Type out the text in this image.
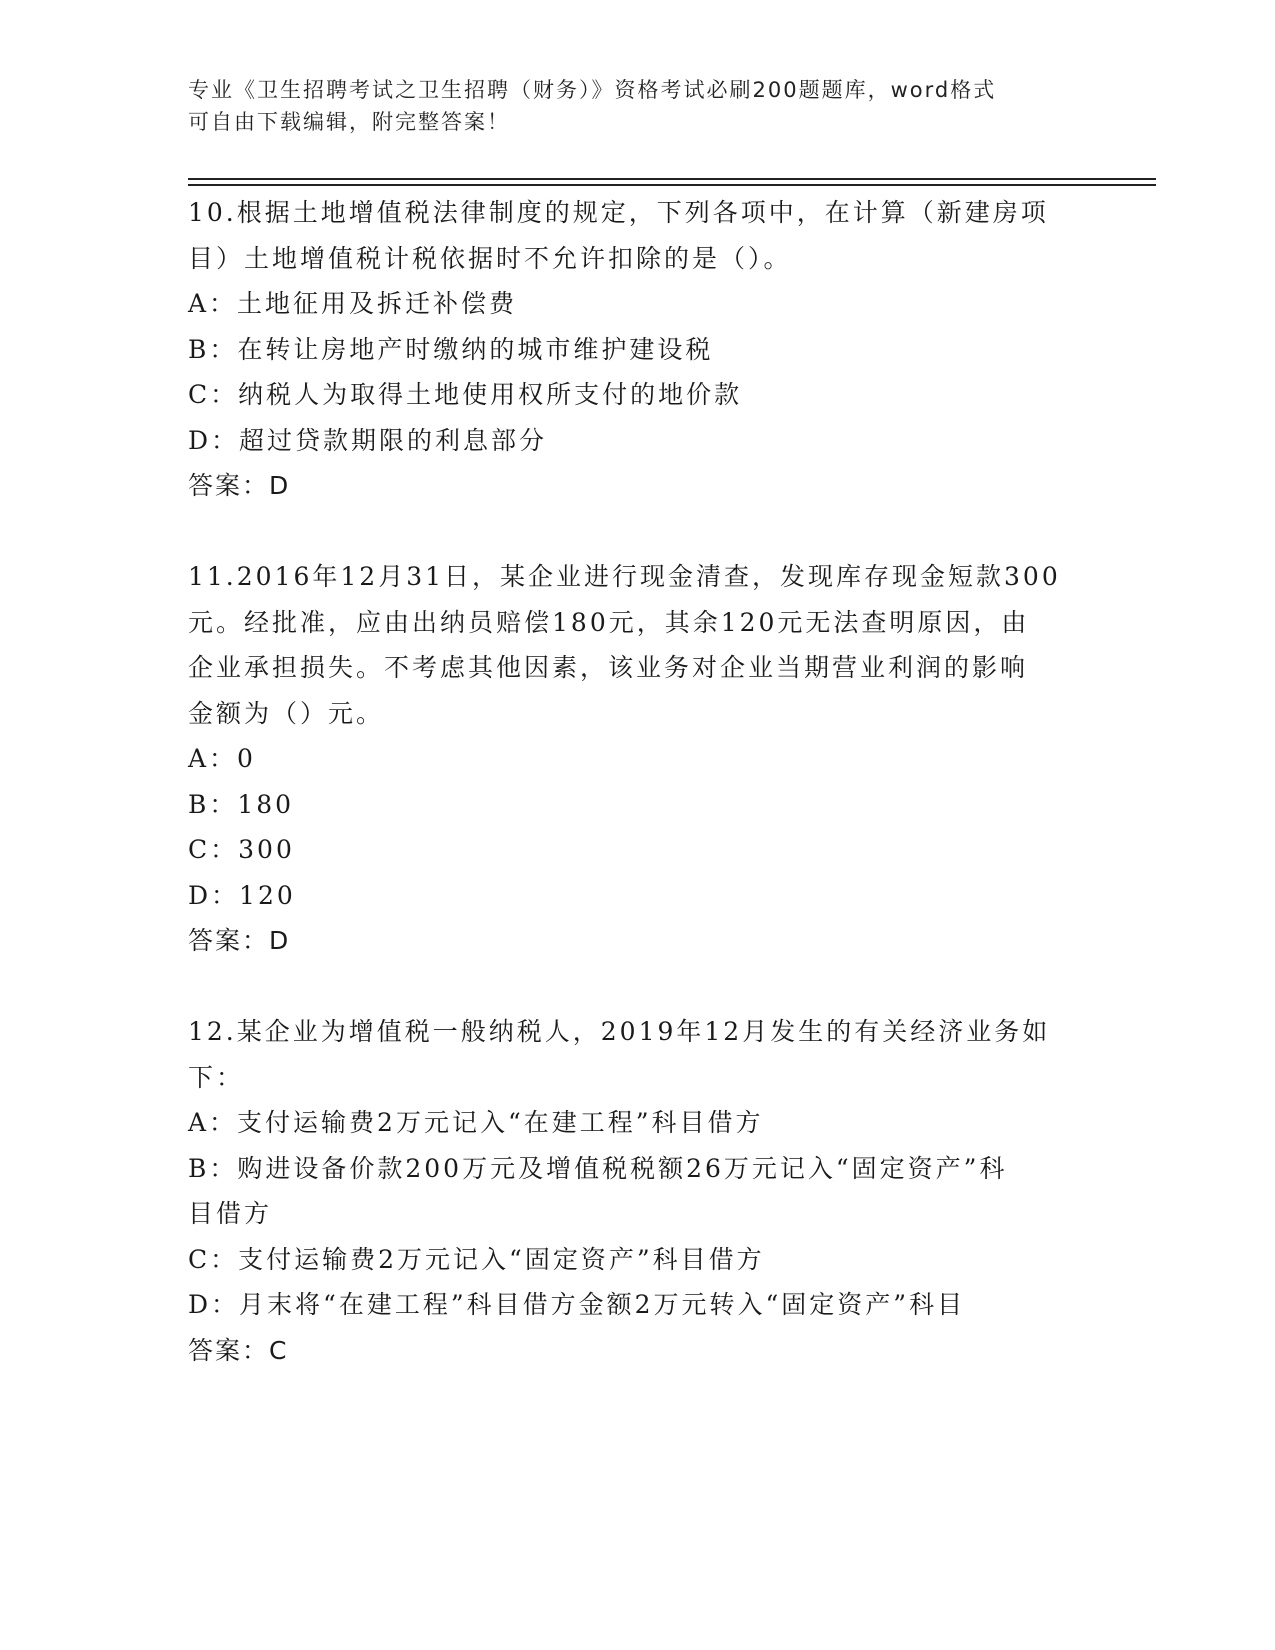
专业《卫生招聘考试之卫生招聘（财务）》资格考试必刷200题题库，word格式
可自由下载编辑，附完整答案！
10.根据土地增值税法律制度的规定，下列各项中，在计算（新建房项
目）土地增值税计税依据时不允许扣除的是（）。
A：土地征用及拆迁补偿费
B：在转让房地产时缴纳的城市维护建设税
C：纳税人为取得土地使用权所支付的地价款
D：超过贷款期限的利息部分
答案：D
11.2016年12月31日，某企业进行现金清查，发现库存现金短款300
元。经批准，应由出纳员赔偿180元，其余120元无法查明原因，由
企业承担损失。不考虑其他因素，该业务对企业当期营业利润的影响
金额为（）元。
A：0
B：180
C：300
D：120
答案：D
12.某企业为增值税一般纳税人，2019年12月发生的有关经济业务如
下：
A：支付运输费2万元记入“在建工程”科目借方
B：购进设备价款200万元及增值税税额26万元记入“固定资产”科
目借方
C：支付运输费2万元记入“固定资产”科目借方
D：月末将“在建工程”科目借方金额2万元转入“固定资产”科目
答案：C
